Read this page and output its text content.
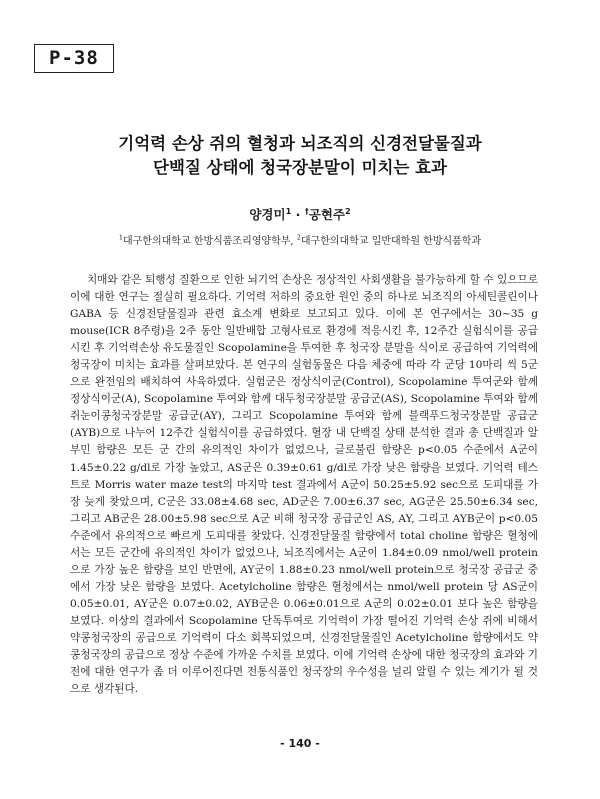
P-38
기억력 손상 쥐의 혈청과 뇌조직의 신경전달물질과
단백질 상태에 청국장분말이 미치는 효과
양경미$^1$ · †공현주$^2$
$^1$대구한의대학교 한방식품조리영양학부, $^2$대구한의대학교 일반대학원 한방식품학과
치매와 같은 퇴행성 질환으로 인한 뇌기억 손상은 정상적인 사회생활을 불가능하게 할 수 있으므로 이에 대한 연구는 절실히 필요하다. 기억력 저하의 중요한 원인 중의 하나로 뇌조직의 아세틴콜린이나 GABA 등 신경전달물질과 관련 효소계 변화로 보고되고 있다. 이에 본 연구에서는 30~35 g mouse(ICR 8주령)을 2주 동안 일반배합 고형사료로 환경에 적응시킨 후, 12주간 실험식이를 공급시킨 후 기억력손상 유도물질인 Scopolamine을 투여한 후 청국장 분말을 식이로 공급하여 기억력에 청국장이 미치는 효과를 살펴보았다. 본 연구의 실험동물은 다음 체중에 따라 각 군당 10마리 씩 5군으로 완전임의 배치하여 사육하였다. 실험군은 정상식이군(Control), Scopolamine 투여군와 함께 정상식이군(A), Scopolamine 투여와 함께 대두청국장분말 공급군(AS), Scopolamine 투여와 함께 쥐눈이콩청국장분말 공급군(AY), 그리고 Scopolamine 투여와 함께 블랙푸드청국장분말 공급군(AYB)으로 나누어 12주간 실험식이를 공급하였다. 혈장 내 단백질 상태 분석한 결과 총 단백질과 알부민 함량은 모든 군 간의 유의적인 차이가 없었으나, 글로불린 함량은 p<0.05 수준에서 A군이 1.45±0.22 g/dl로 가장 높았고, AS군은 0.39±0.61 g/dl로 가장 낮은 함량을 보였다. 기억력 테스트로 Morris water maze test의 마지막 test 결과에서 A군이 50.25±5.92 sec으로 도피대를 가장 늦게 찾았으며, C군은 33.08±4.68 sec, AD군은 7.00±6.37 sec, AG군은 25.50±6.34 sec, 그리고 AB군은 28.00±5.98 sec으로 A군 비해 청국장 공급군인 AS, AY, 그리고 AYB군이 p<0.05 수준에서 유의적으로 빠르게 도피대를 찾았다. 신경전달물질 함량에서 total choline 함량은 혈청에서는 모든 군간에 유의적인 차이가 없었으나, 뇌조직에서는 A군이 1.84±0.09 nmol/well protein으로 가장 높은 함량을 보인 반면에, AY군이 1.88±0.23 nmol/well protein으로 청국장 공급군 중에서 가장 낮은 함량을 보였다. Acetylcholine 함량은 혈청에서는 nmol/well protein 당 AS군이 0.05±0.01, AY군은 0.07±0.02, AYB군은 0.06±0.01으로 A군의 0.02±0.01 보다 높은 함량을 보였다. 이상의 결과에서 Scopolamine 단독투여로 기억력이 가장 떨어진 기억력 손상 쥐에 비해서 약콩청국장의 공급으로 기억력이 다소 회복되었으며, 신경전달물질인 Acetylcholine 함량에서도 약콩청국장의 공급으로 정상 수준에 가까운 수치를 보였다. 이에 기억력 손상에 대한 청국장의 효과와 기전에 대한 연구가 좀 더 이루어진다면 전통식품인 청국장의 우수성을 널리 알릴 수 있는 계기가 될 것으로 생각된다.
- 140 -
